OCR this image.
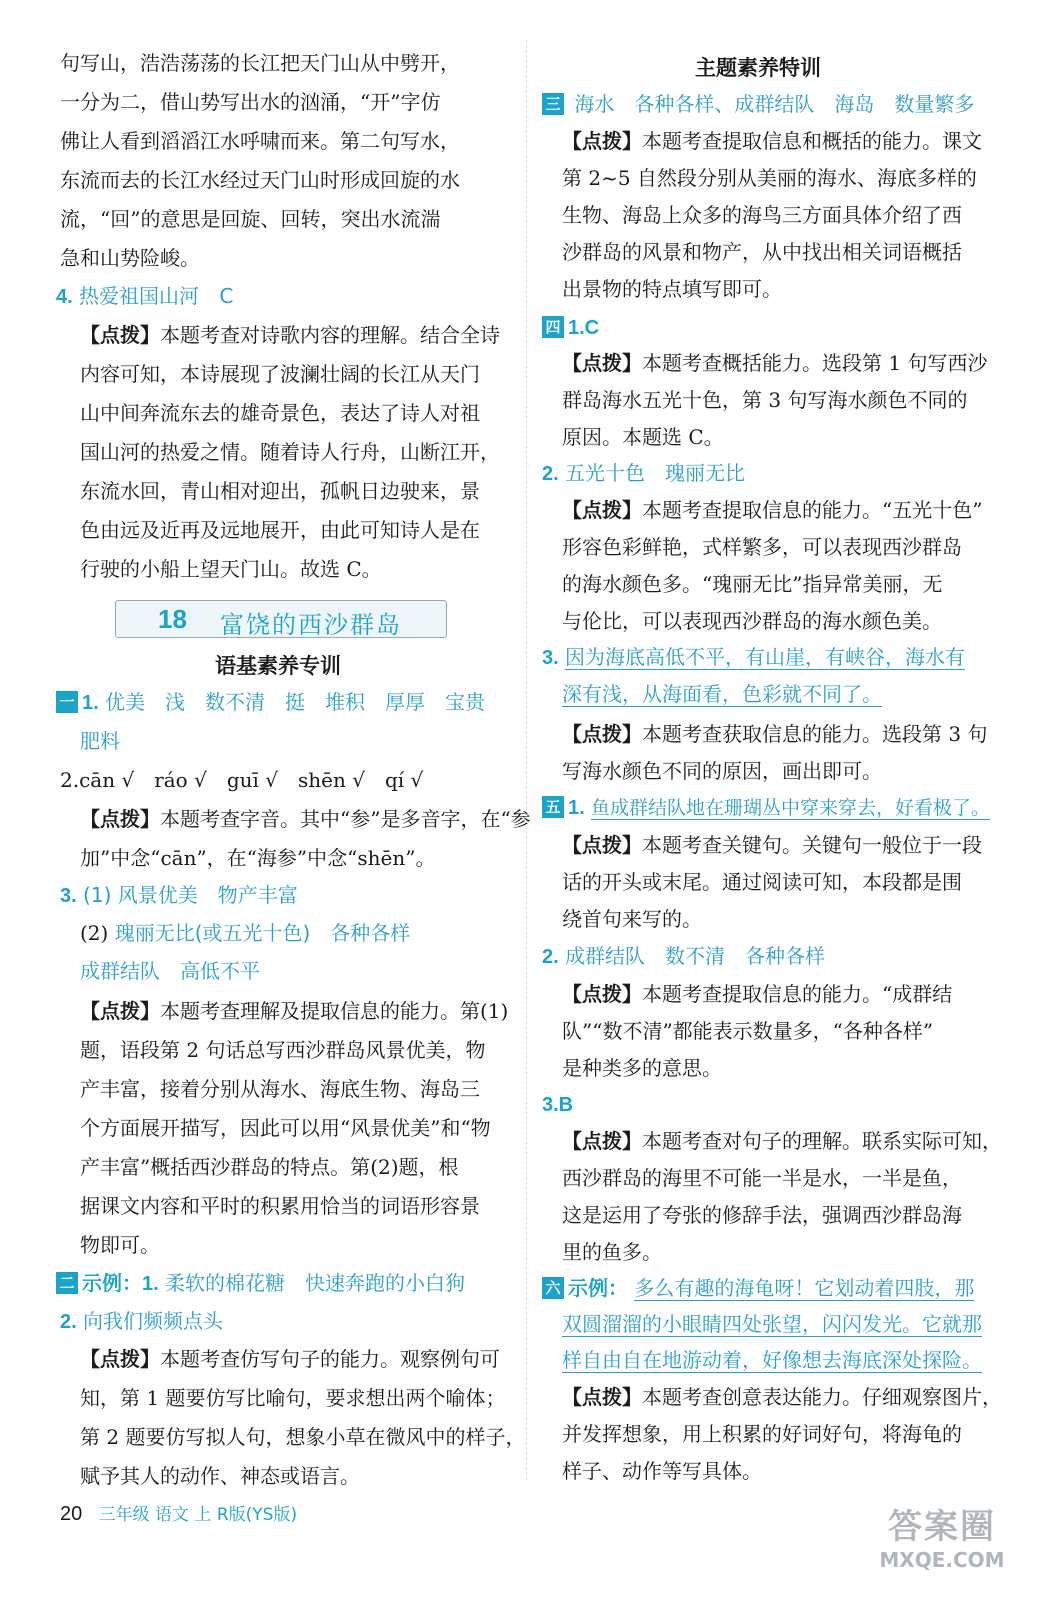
句写山，浩浩荡荡的长江把天门山从中劈开，
一分为二，借山势写出水的汹涌，“开”字仿
佛让人看到滔滔江水呼啸而来。第二句写水，
东流而去的长江水经过天门山时形成回旋的水
流，“回”的意思是回旋、回转，突出水流湍
急和山势险峻。
4. 热爱祖国山河 C
【点拨】本题考查对诗歌内容的理解。结合全诗
内容可知，本诗展现了波澜壮阔的长江从天门
山中间奔流东去的雄奇景色，表达了诗人对祖
国山河的热爱之情。随着诗人行舟，山断江开，
东流水回，青山相对迎出，孤帆日边驶来，景
色由远及近再及远地展开，由此可知诗人是在
行驶的小船上望天门山。故选 C。
18 富饶的西沙群岛
语基素养专训
一 1. 优美　浅　数不清　挺　堆积　厚厚　宝贵
肥料
2.cān √　ráo √　guī √　shēn √　qí √
【点拨】本题考查字音。其中“参”是多音字，在“参
加”中念“cān”，在“海参”中念“shēn”。
3. (1) 风景优美　物产丰富
(2) 瑰丽无比(或五光十色)　各种各样
成群结队　高低不平
【点拨】本题考查理解及提取信息的能力。第(1)
题，语段第 2 句话总写西沙群岛风景优美，物
产丰富，接着分别从海水、海底生物、海岛三
个方面展开描写，因此可以用“风景优美”和“物
产丰富”概括西沙群岛的特点。第(2)题，根
据课文内容和平时的积累用恰当的词语形容景
物即可。
二 示例：1. 柔软的棉花糖　快速奔跑的小白狗
2. 向我们频频点头
【点拨】本题考查仿写句子的能力。观察例句可
知，第 1 题要仿写比喻句，要求想出两个喻体；
第 2 题要仿写拟人句，想象小草在微风中的样子，
赋予其人的动作、神态或语言。
主题素养特训
三 海水　各种各样、成群结队　海岛　数量繁多
【点拨】本题考查提取信息和概括的能力。课文
第 2~5 自然段分别从美丽的海水、海底多样的
生物、海岛上众多的海鸟三方面具体介绍了西
沙群岛的风景和物产，从中找出相关词语概括
出景物的特点填写即可。
四 1.C
【点拨】本题考查概括能力。选段第 1 句写西沙
群岛海水五光十色，第 3 句写海水颜色不同的
原因。本题选 C。
2. 五光十色　瑰丽无比
【点拨】本题考查提取信息的能力。“五光十色”
形容色彩鲜艳，式样繁多，可以表现西沙群岛
的海水颜色多。“瑰丽无比”指异常美丽，无
与伦比，可以表现西沙群岛的海水颜色美。
3. 因为海底高低不平，有山崖，有峡谷，海水有
深有浅，从海面看，色彩就不同了。
【点拨】本题考查获取信息的能力。选段第 3 句
写海水颜色不同的原因，画出即可。
五 1. 鱼成群结队地在珊瑚丛中穿来穿去，好看极了。
【点拨】本题考查关键句。关键句一般位于一段
话的开头或末尾。通过阅读可知，本段都是围
绕首句来写的。
2. 成群结队　数不清　各种各样
【点拨】本题考查提取信息的能力。“成群结
队”“数不清”都能表示数量多，“各种各样”
是种类多的意思。
3.B
【点拨】本题考查对句子的理解。联系实际可知，
西沙群岛的海里不可能一半是水，一半是鱼，
这是运用了夸张的修辞手法，强调西沙群岛海
里的鱼多。
六 示例： 多么有趣的海龟呀！它划动着四肢，那
双圆溜溜的小眼睛四处张望，闪闪发光。它就那
样自由自在地游动着，好像想去海底深处探险。
【点拨】本题考查创意表达能力。仔细观察图片，
并发挥想象，用上积累的好词好句，将海龟的
样子、动作等写具体。
20 三年级 语文 上 R版(YS版)	答案圈
MXQE.COM
